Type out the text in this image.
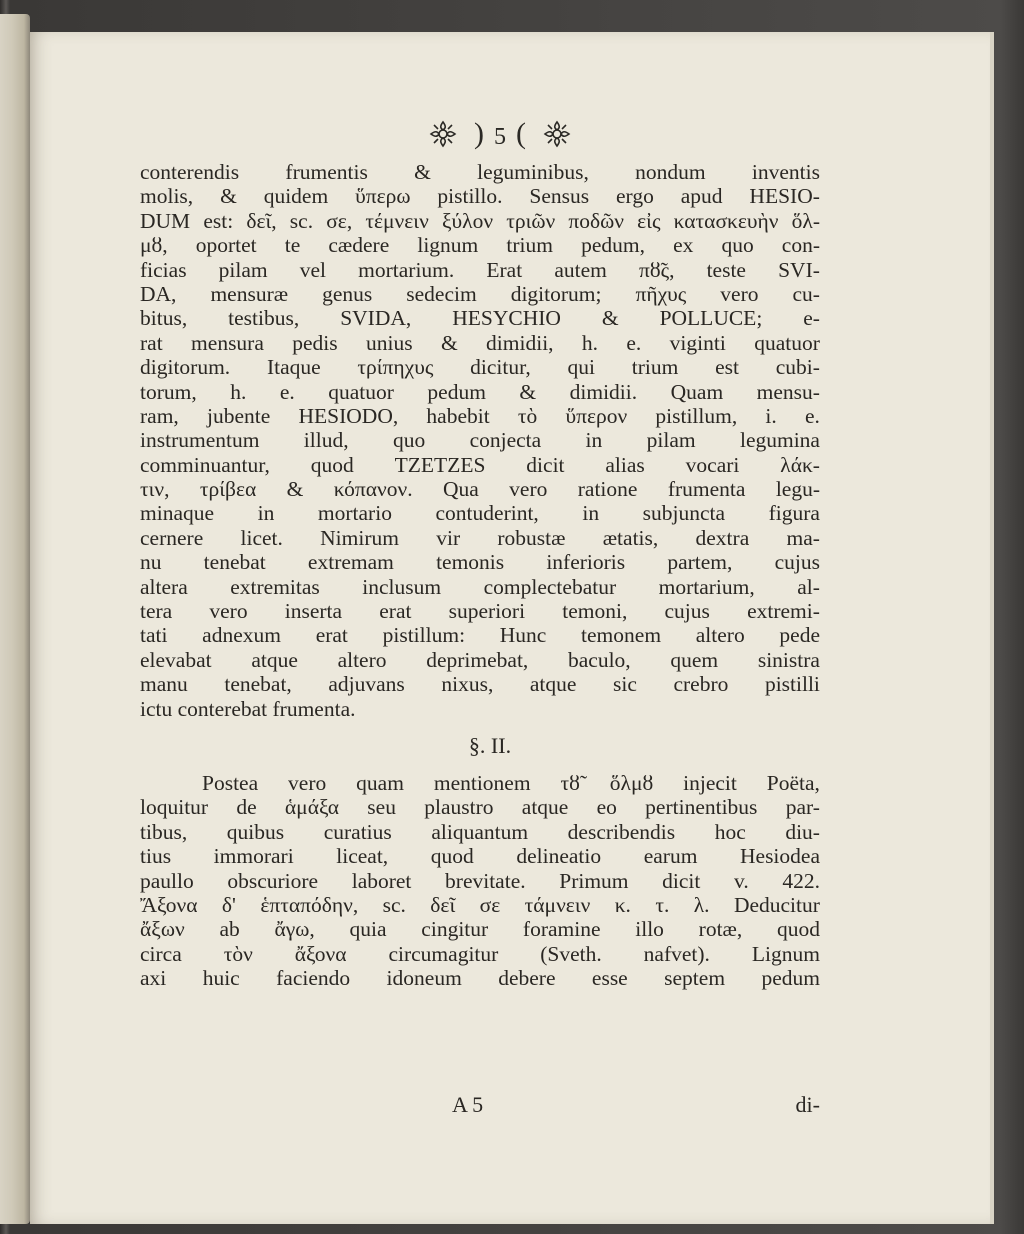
) 5 (
conterendis frumentis & leguminibus, nondum inventis
molis, & quidem ὕπερω pistillo. Sensus ergo apud HESIO-
DUM est: δεῖ, sc. σε, τέμνειν ξύλον τριῶν ποδῶν εἰς κατασκευὴν ὅλ-
μȣ, oportet te cædere lignum trium pedum, ex quo con-
ficias pilam vel mortarium. Erat autem πȣ̃ς, teste SVI-
DA, mensuræ genus sedecim digitorum; πῆχυς vero cu-
bitus, testibus, SVIDA, HESYCHIO & POLLUCE; e-
rat mensura pedis unius & dimidii, h. e. viginti quatuor
digitorum. Itaque τρίπηχυς dicitur, qui trium est cubi-
torum, h. e. quatuor pedum & dimidii. Quam mensu-
ram, jubente HESIODO, habebit τὸ ὕπερον pistillum, i. e.
instrumentum illud, quo conjecta in pilam legumina
comminuantur, quod TZETZES dicit alias vocari λάκ-
τιν, τρίβεα & κόπανον. Qua vero ratione frumenta legu-
minaque in mortario contuderint, in subjuncta figura
cernere licet. Nimirum vir robustæ ætatis, dextra ma-
nu tenebat extremam temonis inferioris partem, cujus
altera extremitas inclusum complectebatur mortarium, al-
tera vero inserta erat superiori temoni, cujus extremi-
tati adnexum erat pistillum: Hunc temonem altero pede
elevabat atque altero deprimebat, baculo, quem sinistra
manu tenebat, adjuvans nixus, atque sic crebro pistilli
ictu conterebat frumenta.
§. II.
Postea vero quam mentionem τȣ̃ ὅλμȣ injecit Poëta,
loquitur de ἁμάξα seu plaustro atque eo pertinentibus par-
tibus, quibus curatius aliquantum describendis hoc diu-
tius immorari liceat, quod delineatio earum Hesiodea
paullo obscuriore laboret brevitate. Primum dicit v. 422.
Ἄξονα δ' ἑπταπόδην, sc. δεῖ σε τάμνειν κ. τ. λ. Deducitur
ἄξων ab ἄγω, quia cingitur foramine illo rotæ, quod
circa τὸν ἄξονα circumagitur (Sveth. nafvet). Lignum
axi huic faciendo idoneum debere esse septem pedum
A 5	di-
